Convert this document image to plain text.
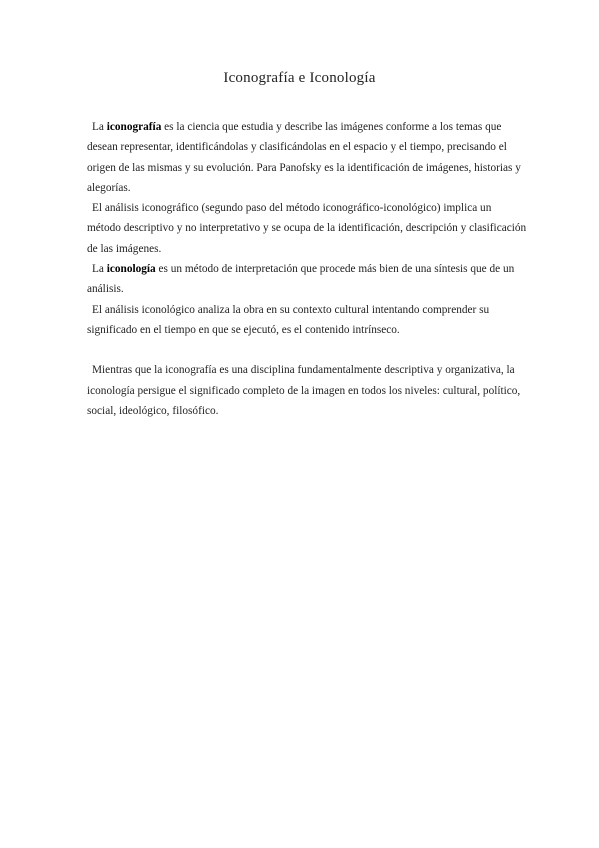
Iconografía e Iconología

La iconografía es la ciencia que estudia y describe las imágenes conforme a los temas que desean representar, identificándolas y clasificándolas en el espacio y el tiempo, precisando el origen de las mismas y su evolución. Para Panofsky es la identificación de imágenes, historias y alegorías.

El análisis iconográfico (segundo paso del método iconográfico-iconológico) implica un método descriptivo y no interpretativo y se ocupa de la identificación, descripción y clasificación de las imágenes.

La iconología es un método de interpretación que procede más bien de una síntesis que de un análisis.

El análisis iconológico analiza la obra en su contexto cultural intentando comprender su significado en el tiempo en que se ejecutó, es el contenido intrínseco.

Mientras que la iconografía es una disciplina fundamentalmente descriptiva y organizativa, la iconología persigue el significado completo de la imagen en todos los niveles: cultural, político, social, ideológico, filosófico.
